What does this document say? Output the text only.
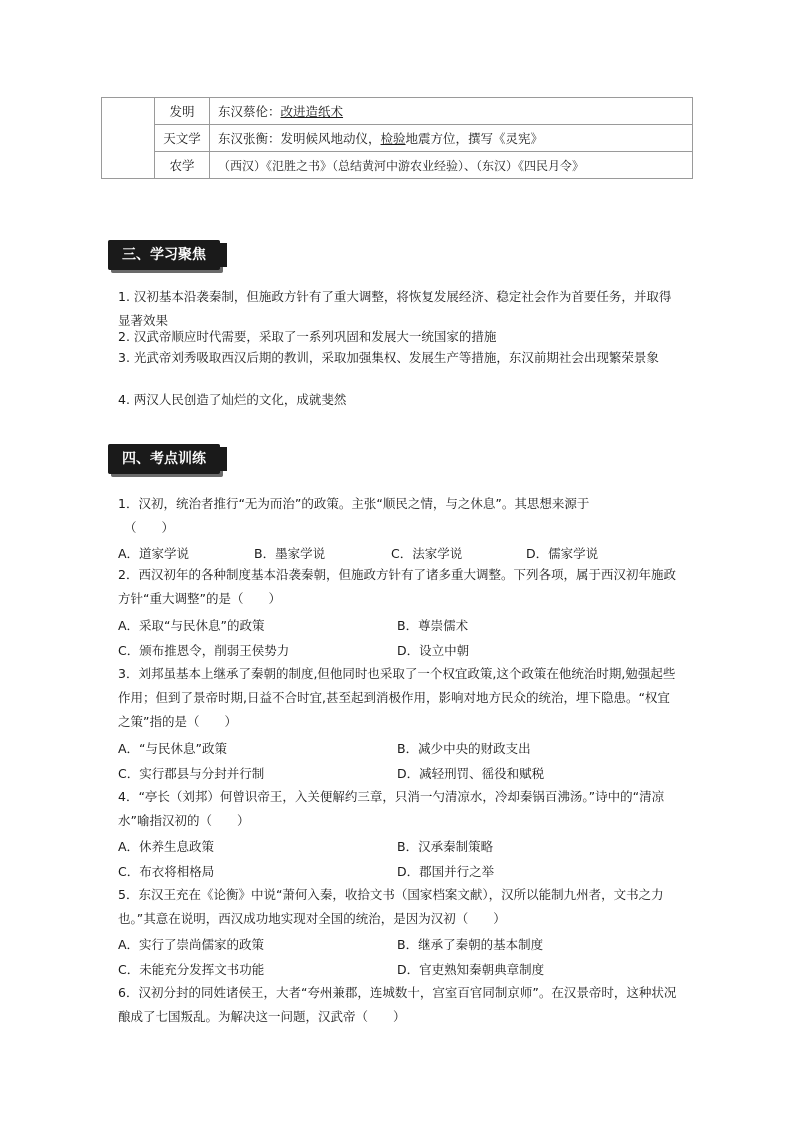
	发明	东汉蔡伦：改进造纸术
	天文学	东汉张衡：发明候风地动仪，检验地震方位，撰写《灵宪》
	农学	（西汉）《氾胜之书》（总结黄河中游农业经验）、（东汉）《四民月令》
三、学习聚焦
1. 汉初基本沿袭秦制，但施政方针有了重大调整，将恢复发展经济、稳定社会作为首要任务，并取得显著效果
2. 汉武帝顺应时代需要，采取了一系列巩固和发展大一统国家的措施
3. 光武帝刘秀吸取西汉后期的教训，采取加强集权、发展生产等措施，东汉前期社会出现繁荣景象
4. 两汉人民创造了灿烂的文化，成就斐然
四、考点训练
1．汉初，统治者推行“无为而治”的政策。主张“顺民之情，与之休息”。其思想来源于
（　　）
A．道家学说	B．墨家学说	C．法家学说	D．儒家学说
2．西汉初年的各种制度基本沿袭秦朝，但施政方针有了诸多重大调整。下列各项，属于西汉初年施政方针“重大调整”的是（　　）
A．采取“与民休息”的政策	B．尊崇儒术
C．颁布推恩令，削弱王侯势力	D．设立中朝
3．刘邦虽基本上继承了秦朝的制度,但他同时也采取了一个权宜政策,这个政策在他统治时期,勉强起些作用；但到了景帝时期,日益不合时宜,甚至起到消极作用，影响对地方民众的统治，埋下隐患。“权宜之策”指的是（　　）
A．“与民休息”政策	B．减少中央的财政支出
C．实行郡县与分封并行制	D．减轻刑罚、徭役和赋税
4．“亭长（刘邦）何曾识帝王，入关便解约三章，只消一勺清凉水，冷却秦锅百沸汤。”诗中的“清凉水”喻指汉初的（　　）
A．休养生息政策	B．汉承秦制策略
C．布衣将相格局	D．郡国并行之举
5．东汉王充在《论衡》中说“萧何入秦，收拾文书（国家档案文献），汉所以能制九州者，文书之力也。”其意在说明，西汉成功地实现对全国的统治，是因为汉初（　　）
A．实行了崇尚儒家的政策	B．继承了秦朝的基本制度
C．未能充分发挥文书功能	D．官吏熟知秦朝典章制度
6．汉初分封的同姓诸侯王，大者“夸州兼郡，连城数十，宫室百官同制京师”。在汉景帝时，这种状况酿成了七国叛乱。为解决这一问题，汉武帝（　　）
